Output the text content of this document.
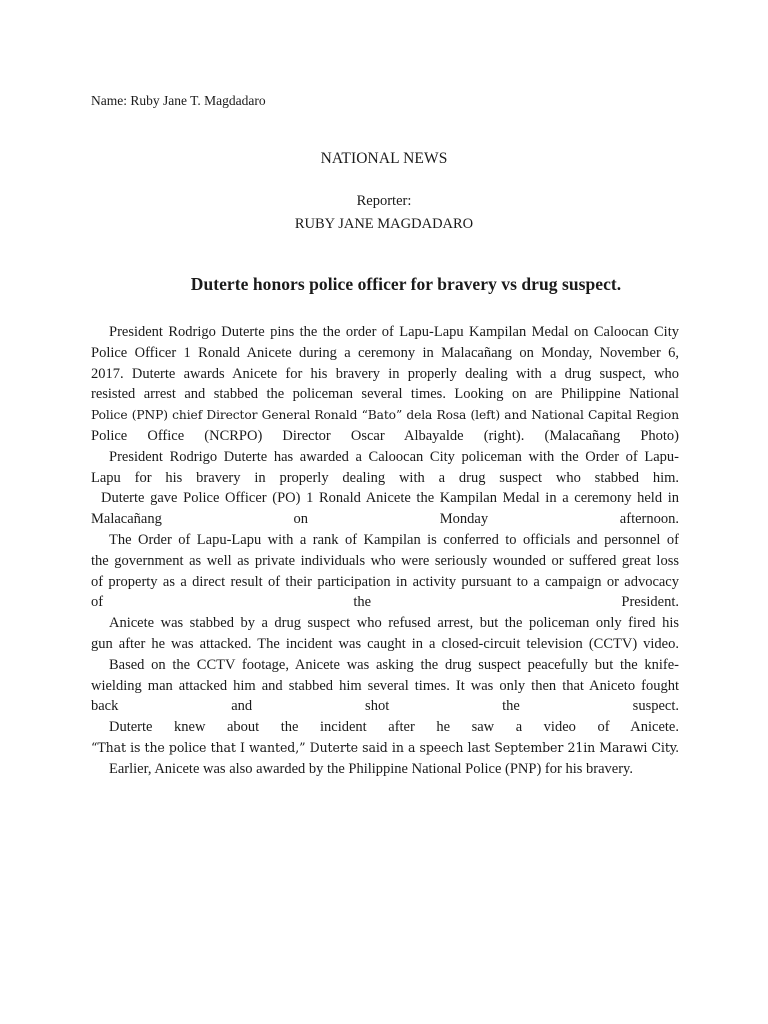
Name: Ruby Jane T. Magdadaro
NATIONAL NEWS
Reporter:
RUBY JANE MAGDADARO
Duterte honors police officer for bravery vs drug suspect.
President Rodrigo Duterte pins the the order of Lapu-Lapu Kampilan Medal on Caloocan City
Police Officer 1 Ronald Anicete during a ceremony in Malacañang on Monday, November 6,
2017. Duterte awards Anicete for his bravery in properly dealing with a drug suspect, who
resisted arrest and stabbed the policeman several times. Looking on are Philippine National
Police (PNP) chief Director General Ronald “Bato” dela Rosa (left) and National Capital Region
Police Office (NCRPO) Director Oscar Albayalde (right). (Malacañang Photo)
President Rodrigo Duterte has awarded a Caloocan City policeman with the Order of Lapu-
Lapu for his bravery in properly dealing with a drug suspect who stabbed him.
Duterte gave Police Officer (PO) 1 Ronald Anicete the Kampilan Medal in a ceremony held in
Malacañang on Monday afternoon.
The Order of Lapu-Lapu with a rank of Kampilan is conferred to officials and personnel of
the government as well as private individuals who were seriously wounded or suffered great loss
of property as a direct result of their participation in activity pursuant to a campaign or advocacy
of the President.
Anicete was stabbed by a drug suspect who refused arrest, but the policeman only fired his
gun after he was attacked. The incident was caught in a closed-circuit television (CCTV) video.
Based on the CCTV footage, Anicete was asking the drug suspect peacefully but the knife-
wielding man attacked him and stabbed him several times. It was only then that Aniceto fought
back and shot the suspect.
Duterte knew about the incident after he saw a video of Anicete.
“That is the police that I wanted,” Duterte said in a speech last September 21in Marawi City.
Earlier, Anicete was also awarded by the Philippine National Police (PNP) for his bravery.
